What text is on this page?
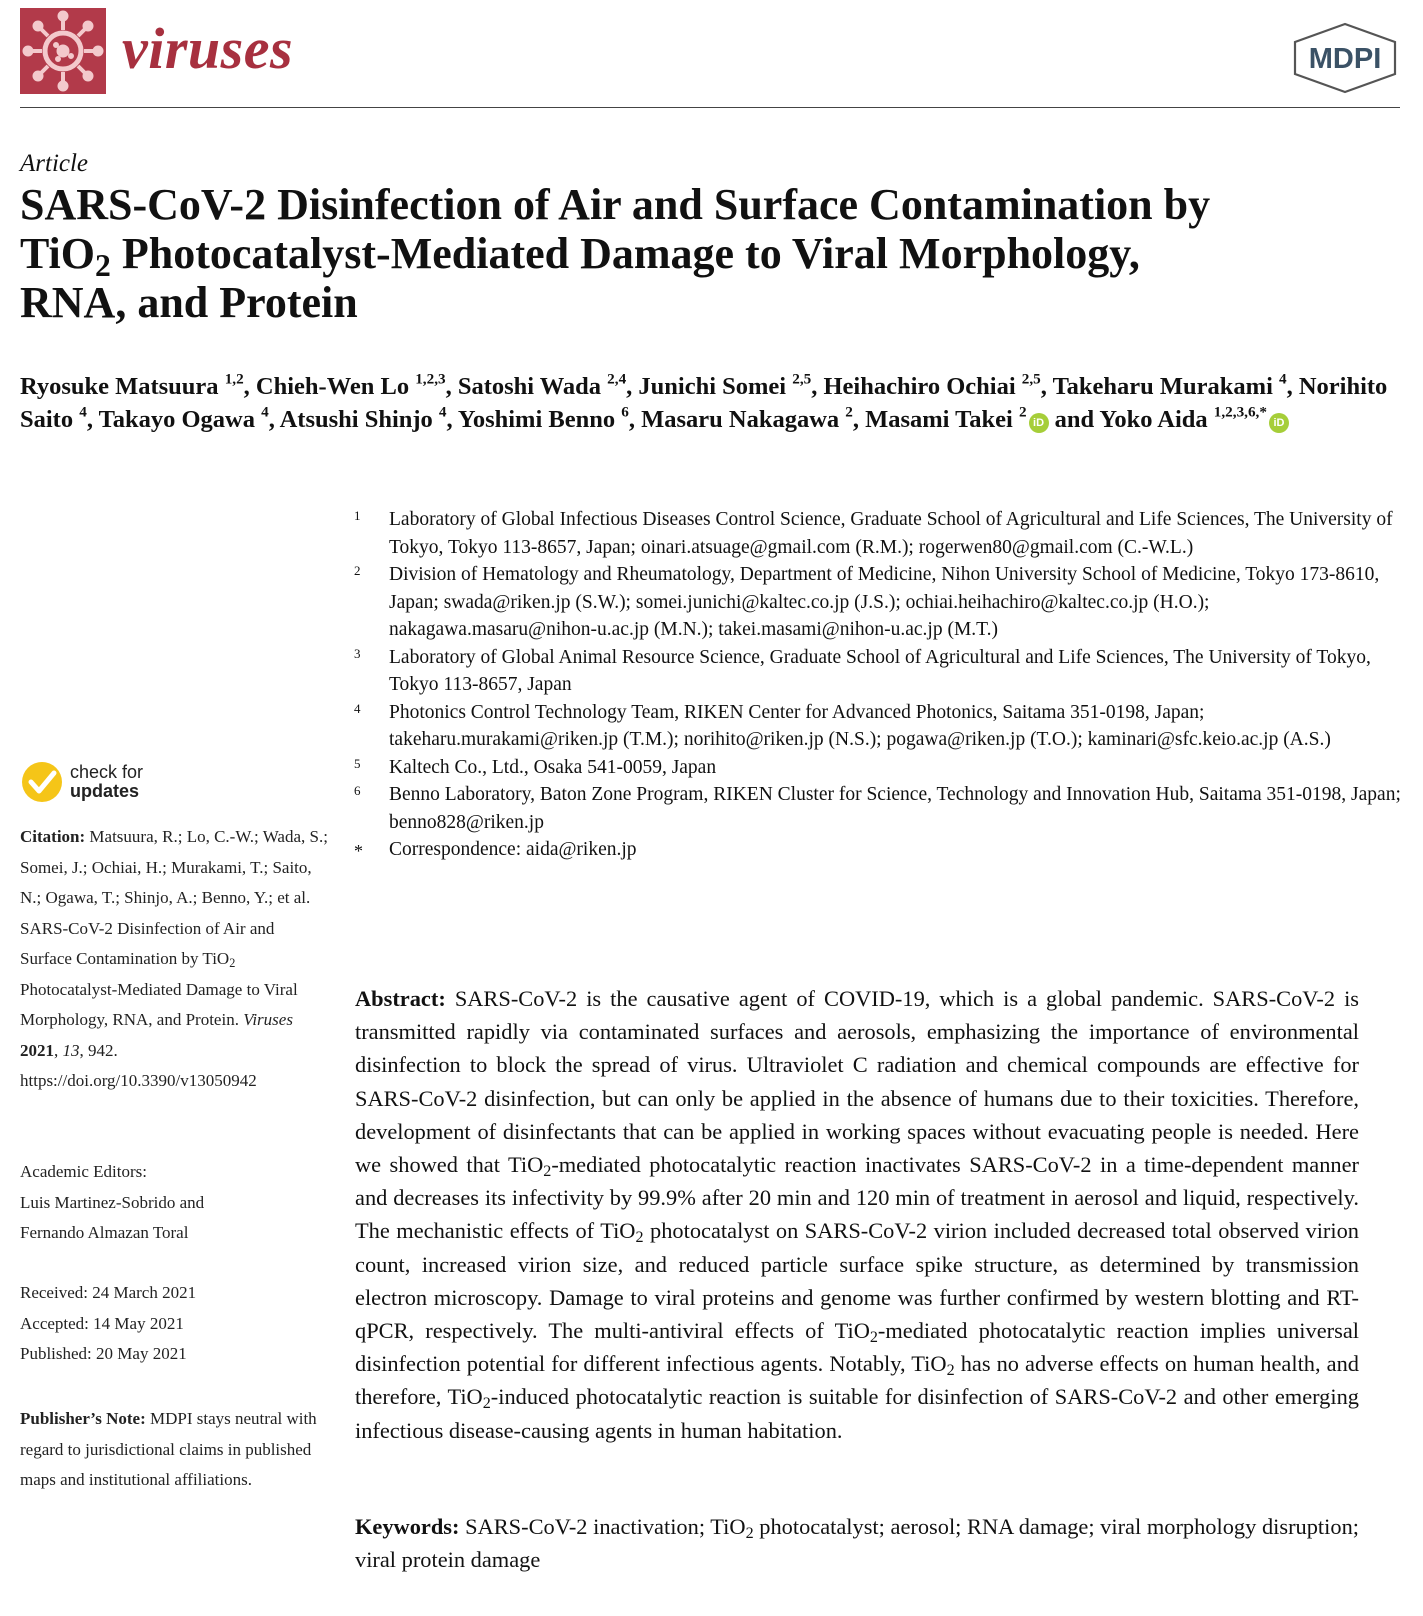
viruses	MDPI
Article
SARS-CoV-2 Disinfection of Air and Surface Contamination by
TiO$_2$ Photocatalyst-Mediated Damage to Viral Morphology,
RNA, and Protein
Ryosuke Matsuura $^{1,2}$, Chieh-Wen Lo $^{1,2,3}$, Satoshi Wada $^{2,4}$, Junichi Somei $^{2,5}$, Heihachiro Ochiai $^{2,5}$, Takeharu Murakami $^4$, Norihito Saito $^4$, Takayo Ogawa $^4$, Atsushi Shinjo $^4$, Yoshimi Benno $^6$, Masaru Nakagawa $^2$, Masami Takei $^2$iD and Yoko Aida $^{1,2,3,6,*}$iD
1	Laboratory of Global Infectious Diseases Control Science, Graduate School of Agricultural and Life Sciences, The University of Tokyo, Tokyo 113-8657, Japan; oinari.atsuage@gmail.com (R.M.); rogerwen80@gmail.com (C.-W.L.)
2	Division of Hematology and Rheumatology, Department of Medicine, Nihon University School of Medicine, Tokyo 173-8610, Japan; swada@riken.jp (S.W.); somei.junichi@kaltec.co.jp (J.S.); ochiai.heihachiro@kaltec.co.jp (H.O.); nakagawa.masaru@nihon-u.ac.jp (M.N.); takei.masami@nihon-u.ac.jp (M.T.)
3	Laboratory of Global Animal Resource Science, Graduate School of Agricultural and Life Sciences, The University of Tokyo, Tokyo 113-8657, Japan
4	Photonics Control Technology Team, RIKEN Center for Advanced Photonics, Saitama 351-0198, Japan; takeharu.murakami@riken.jp (T.M.); norihito@riken.jp (N.S.); pogawa@riken.jp (T.O.); kaminari@sfc.keio.ac.jp (A.S.)
5	Kaltech Co., Ltd., Osaka 541-0059, Japan
6	Benno Laboratory, Baton Zone Program, RIKEN Cluster for Science, Technology and Innovation Hub, Saitama 351-0198, Japan; benno828@riken.jp
*	Correspondence: aida@riken.jp
check for
updates
Citation: Matsuura, R.; Lo, C.-W.; Wada, S.; Somei, J.; Ochiai, H.; Murakami, T.; Saito, N.; Ogawa, T.; Shinjo, A.; Benno, Y.; et al. SARS-CoV-2 Disinfection of Air and Surface Contamination by TiO$_2$ Photocatalyst-Mediated Damage to Viral Morphology, RNA, and Protein. Viruses 2021, 13, 942. https://doi.org/10.3390/v13050942
Academic Editors:
Luis Martinez-Sobrido and
Fernando Almazan Toral
Received: 24 March 2021
Accepted: 14 May 2021
Published: 20 May 2021
Publisher’s Note: MDPI stays neutral with regard to jurisdictional claims in published maps and institutional affiliations.

Abstract: SARS-CoV-2 is the causative agent of COVID-19, which is a global pandemic. SARS-CoV-2 is transmitted rapidly via contaminated surfaces and aerosols, emphasizing the importance of environmental disinfection to block the spread of virus. Ultraviolet C radiation and chemical compounds are effective for SARS-CoV-2 disinfection, but can only be applied in the absence of humans due to their toxicities. Therefore, development of disinfectants that can be applied in working spaces without evacuating people is needed. Here we showed that TiO$_2$-mediated photocatalytic reaction inactivates SARS-CoV-2 in a time-dependent manner and decreases its infectivity by 99.9% after 20 min and 120 min of treatment in aerosol and liquid, respectively. The mechanistic effects of TiO$_2$ photocatalyst on SARS-CoV-2 virion included decreased total observed virion count, increased virion size, and reduced particle surface spike structure, as determined by transmission electron microscopy. Damage to viral proteins and genome was further confirmed by western blotting and RT-qPCR, respectively. The multi-antiviral effects of TiO$_2$-mediated photocatalytic reaction implies universal disinfection potential for different infectious agents. Notably, TiO$_2$ has no adverse effects on human health, and therefore, TiO$_2$-induced photocatalytic reaction is suitable for disinfection of SARS-CoV-2 and other emerging infectious disease-causing agents in human habitation.

Keywords: SARS-CoV-2 inactivation; TiO$_2$ photocatalyst; aerosol; RNA damage; viral morphology disruption; viral protein damage
